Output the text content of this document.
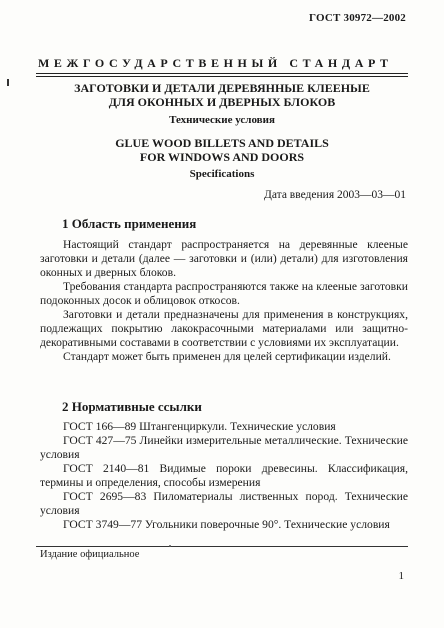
ГОСТ 30972—2002
МЕЖГОСУДАРСТВЕННЫЙ СТАНДАРТ
ЗАГОТОВКИ И ДЕТАЛИ ДЕРЕВЯННЫЕ КЛЕЕНЫЕ
ДЛЯ ОКОННЫХ И ДВЕРНЫХ БЛОКОВ
Технические условия
GLUE WOOD BILLETS AND DETAILS
FOR WINDOWS AND DOORS
Specifications
Дата введения 2003—03—01
1 Область применения

Настоящий стандарт распространяется на деревянные клееные заготовки и детали (далее — заготовки и (или) детали) для изготовления оконных и дверных блоков.

Требования стандарта распространяются также на клееные заготовки подоконных досок и облицовок откосов.

Заготовки и детали предназначены для применения в конструкциях, подлежащих покрытию лакокрасочными материалами или защитно-декоративными составами в соответствии с условиями их эксплуатации.

Стандарт может быть применен для целей сертификации изделий.

2 Нормативные ссылки

ГОСТ 166—89 Штангенциркули. Технические условия

ГОСТ 427—75 Линейки измерительные металлические. Технические условия

ГОСТ 2140—81 Видимые пороки древесины. Классификация, термины и определения, способы измерения

ГОСТ 2695—83 Пиломатериалы лиственных пород. Технические условия

ГОСТ 3749—77 Угольники поверочные 90°. Технические условия

Издание официальное
1
